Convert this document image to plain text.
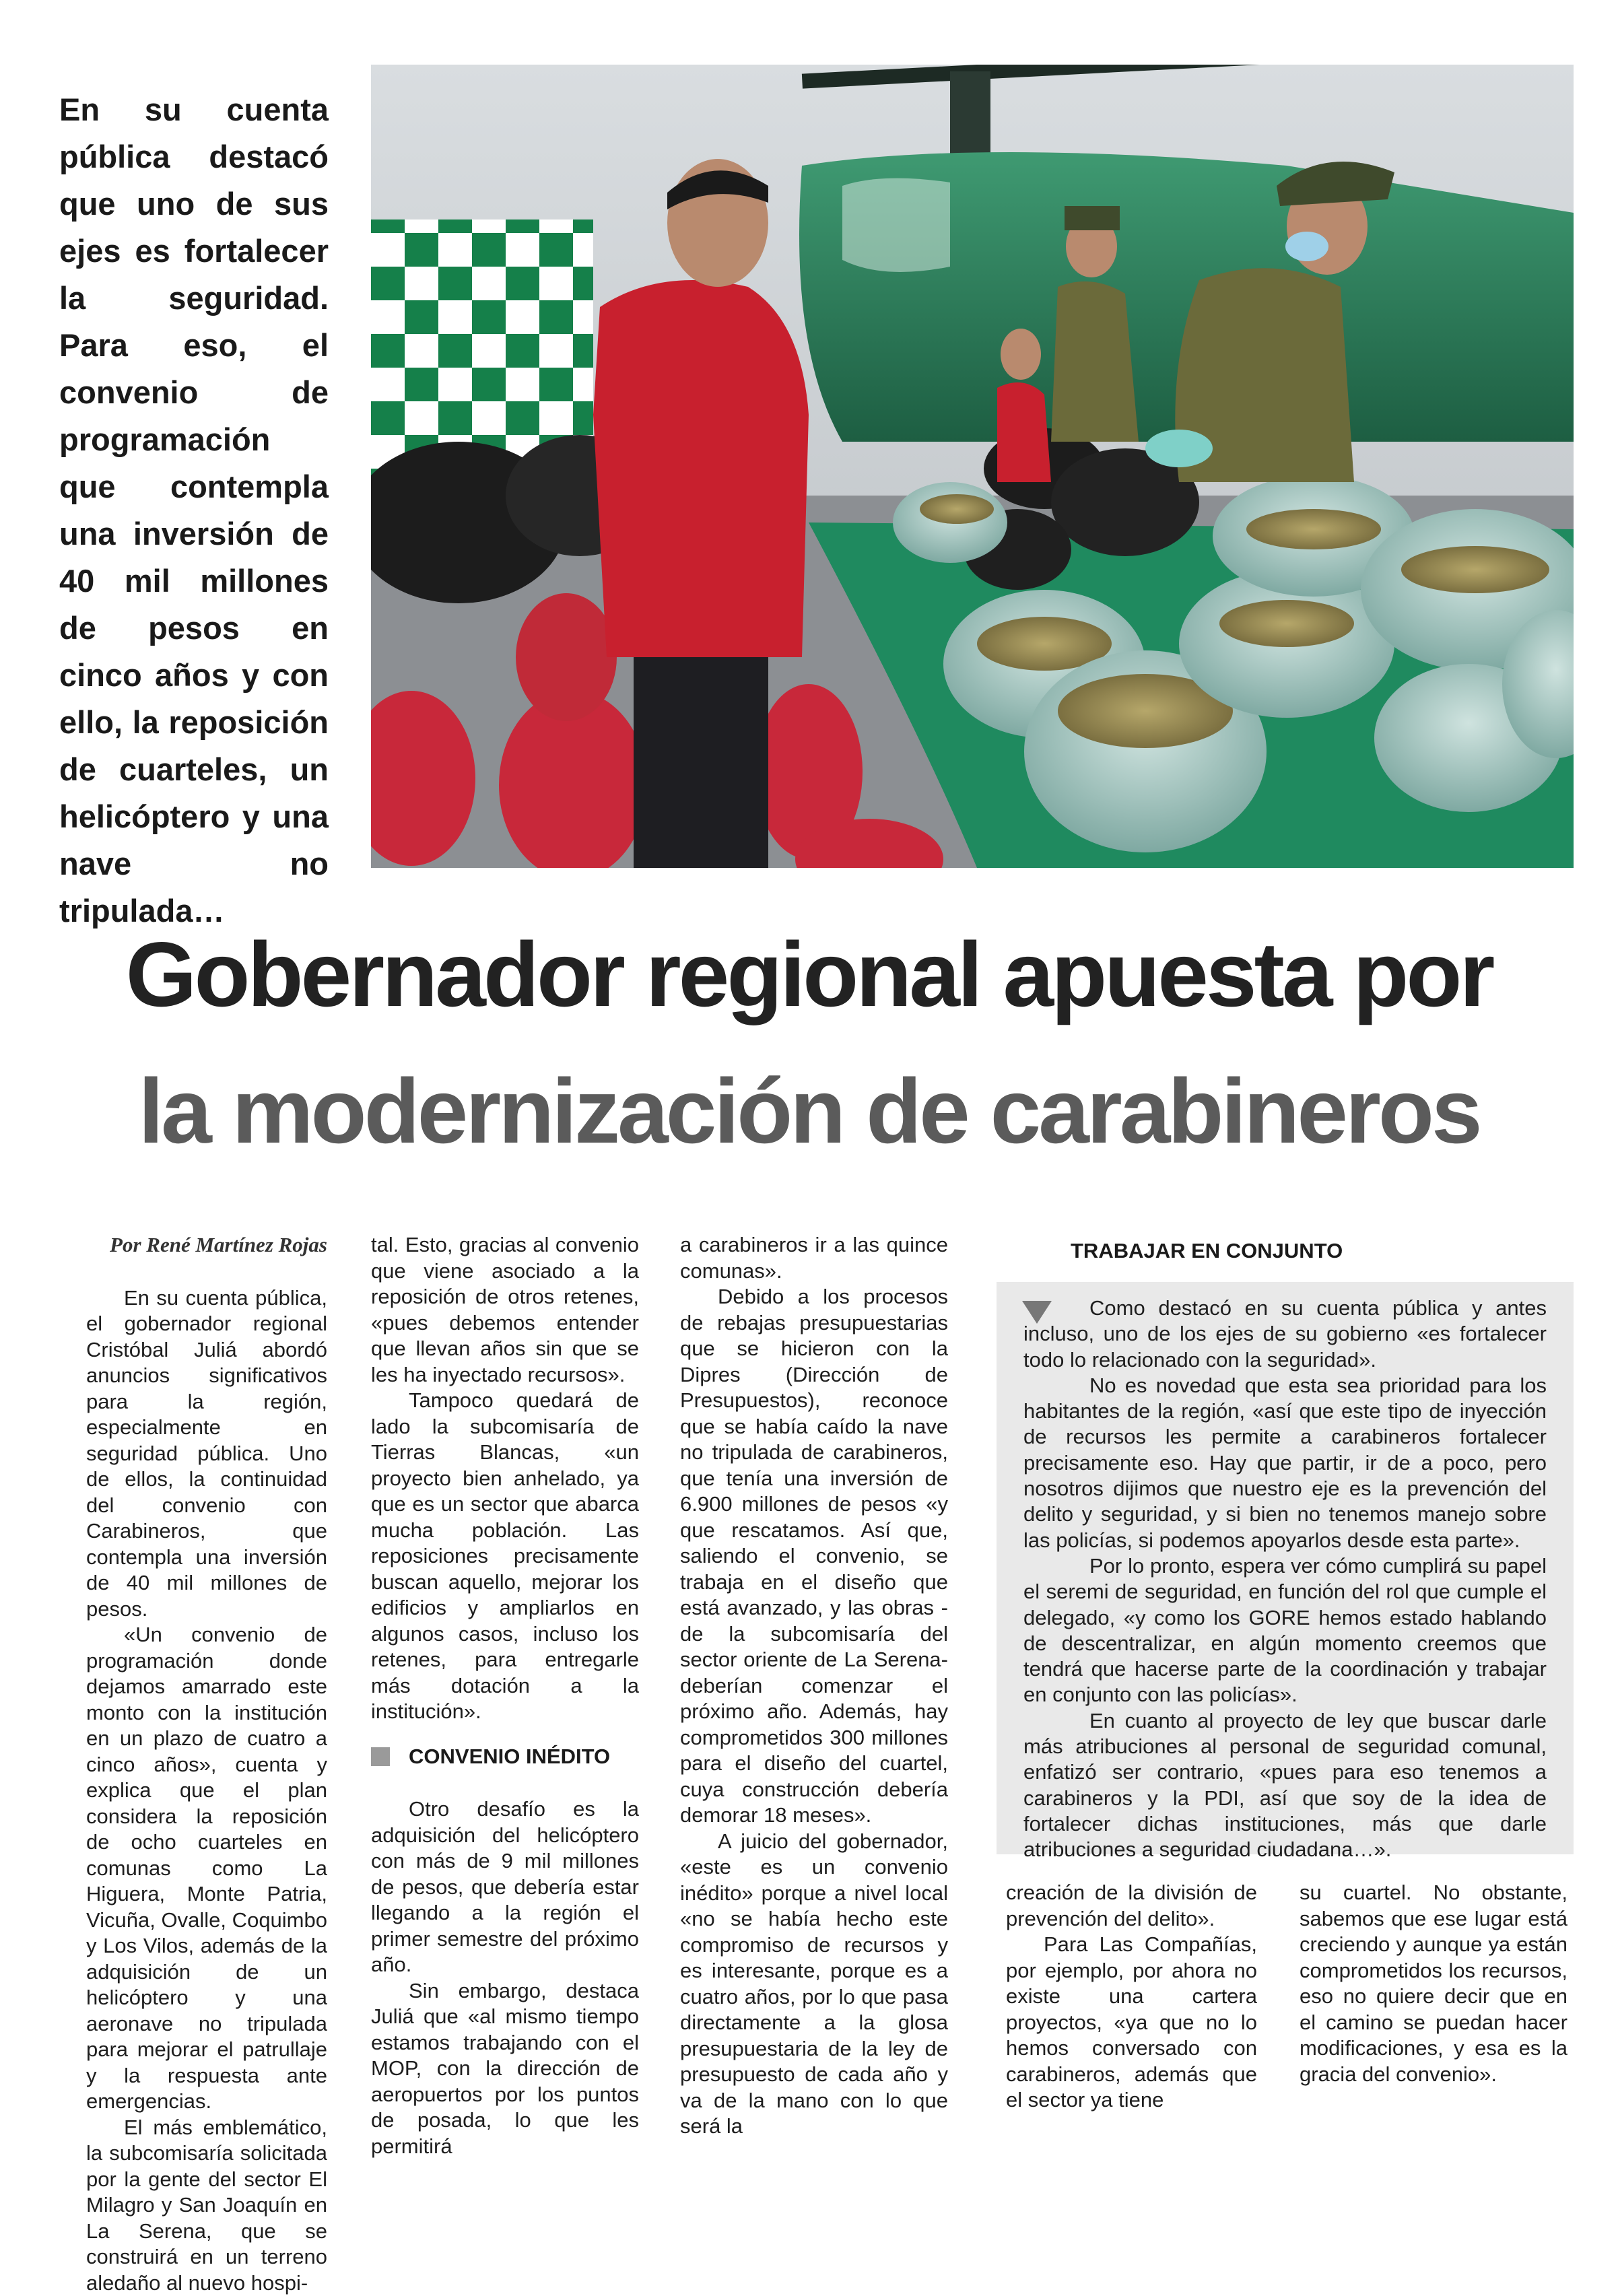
En su cuenta pública destacó que uno de sus ejes es fortalecer la seguridad. Para eso, el convenio de programación que contempla una inversión de 40 mil millones de pesos en cinco años y con ello, la reposición de cuarteles, un helicóptero y una nave no tripulada…
Gobernador regional apuesta por
la modernización de carabineros
Por René Martínez Rojas

En su cuenta pública, el gobernador regional Cristóbal Juliá abordó anuncios significativos para la región, especialmente en seguridad pública. Uno de ellos, la continuidad del convenio con Carabineros, que contempla una inversión de 40 mil millones de pesos.

«Un convenio de programación donde dejamos amarrado este monto con la institución en un plazo de cuatro a cinco años», cuenta y explica que el plan considera la reposición de ocho cuarteles en comunas como La Higuera, Monte Patria, Vicuña, Ovalle, Coquimbo y Los Vilos, además de la adquisición de un helicóptero y una aeronave no tripulada para mejorar el patrullaje y la respuesta ante emergencias.

El más emblemático, la subcomisaría solicitada por la gente del sector El Milagro y San Joaquín en La Serena, que se construirá en un terreno aledaño al nuevo hospi-

tal. Esto, gracias al convenio que viene asociado a la reposición de otros retenes, «pues debemos entender que llevan años sin que se les ha inyectado recursos».

Tampoco quedará de lado la subcomisaría de Tierras Blancas, «un proyecto bien anhelado, ya que es un sector que abarca mucha población. Las reposiciones precisamente buscan aquello, mejorar los edificios y ampliarlos en algunos casos, incluso los retenes, para entregarle más dotación a la institución».

CONVENIO INÉDITO

Otro desafío es la adquisición del helicóptero con más de 9 mil millones de pesos, que debería estar llegando a la región el primer semestre del próximo año.

Sin embargo, destaca Juliá que «al mismo tiempo estamos trabajando con el MOP, con la dirección de aeropuertos por los puntos de posada, lo que les permitirá

a carabineros ir a las quince comunas».

Debido a los procesos de rebajas presupuestarias que se hicieron con la Dipres (Dirección de Presupuestos), reconoce que se había caído la nave no tripulada de carabineros, que tenía una inversión de 6.900 millones de pesos «y que rescatamos. Así que, saliendo el convenio, se trabaja en el diseño que está avanzado, y las obras - de la subcomisaría del sector oriente de La Serena- deberían comenzar el próximo año. Además, hay comprometidos 300 millones para el diseño del cuartel, cuya construcción debería demorar 18 meses».

A juicio del gobernador, «este es un convenio inédito» porque a nivel local «no se había hecho este compromiso de recursos y es interesante, porque es a cuatro años, por lo que pasa directamente a la glosa presupuestaria de la ley de presupuesto de cada año y va de la mano con lo que será la

TRABAJAR EN CONJUNTO

Como destacó en su cuenta pública y antes incluso, uno de los ejes de su gobierno «es fortalecer todo lo relacionado con la seguridad».

No es novedad que esta sea prioridad para los habitantes de la región, «así que este tipo de inyección de recursos les permite a carabineros fortalecer precisamente eso. Hay que partir, ir de a poco, pero nosotros dijimos que nuestro eje es la prevención del delito y seguridad, y si bien no tenemos manejo sobre las policías, si podemos apoyarlos desde esta parte».

Por lo pronto, espera ver cómo cumplirá su papel el seremi de seguridad, en función del rol que cumple el delegado, «y como los GORE hemos estado hablando de descentralizar, en algún momento creemos que tendrá que hacerse parte de la coordinación y trabajar en conjunto con las policías».

En cuanto al proyecto de ley que buscar darle más atribuciones al personal de seguridad comunal, enfatizó ser contrario, «pues para eso tenemos a carabineros y la PDI, así que soy de la idea de fortalecer dichas instituciones, más que darle atribuciones a seguridad ciudadana…».

creación de la división de prevención del delito».

Para Las Compañías, por ejemplo, por ahora no existe una cartera proyectos, «ya que no lo hemos conversado con carabineros, además que el sector ya tiene

su cuartel. No obstante, sabemos que ese lugar está creciendo y aunque ya están comprometidos los recursos, eso no quiere decir que en el camino se puedan hacer modificaciones, y esa es la gracia del convenio».
